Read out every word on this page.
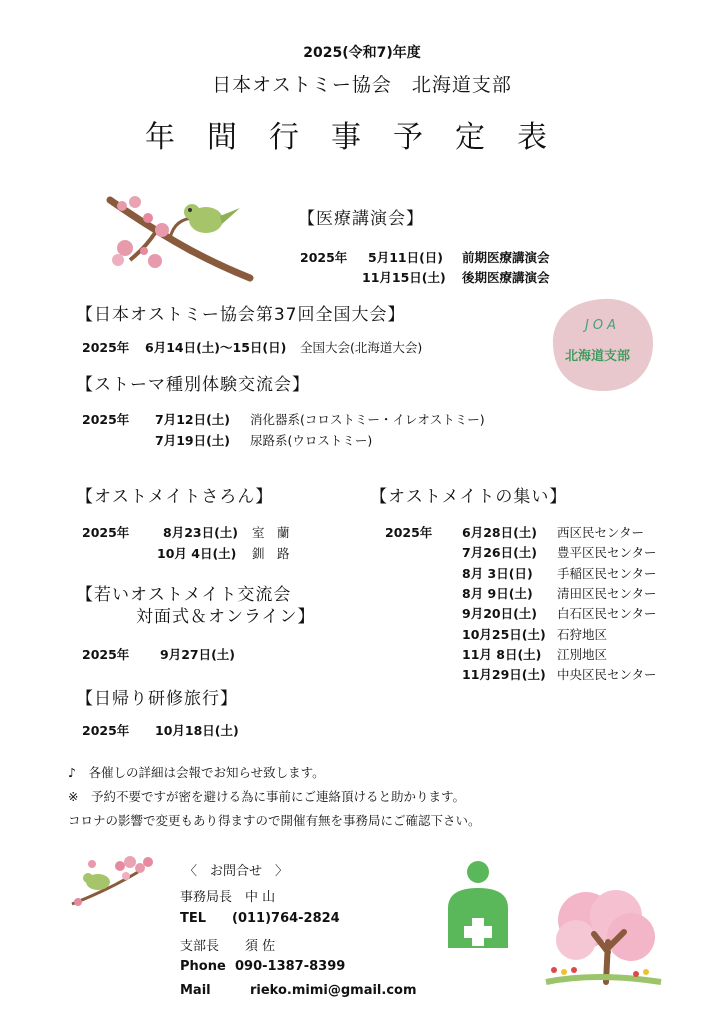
2025(令和7)年度
日本オストミー協会　北海道支部
年間行事予定表
【医療講演会】
2025年 5月11日(日) 前期医療講演会
11月15日(土) 後期医療講演会
JOA
北海道支部
【日本オストミー協会第37回全国大会】
2025年 6月14日(土)〜15日(日) 全国大会(北海道大会)
【ストーマ種別体験交流会】
2025年 7月12日(土) 消化器系(コロストミー・イレオストミー)
7月19日(土) 尿路系(ウロストミー)
【オストメイトさろん】
2025年	8月23日(土) 室　蘭
10月 4日(土) 釧　路
【若いオストメイト交流会
対面式＆オンライン】
2025年 9月27日(土)
【日帰り研修旅行】
2025年 10月18日(土)
【オストメイトの集い】
2025年 6月28日(土) 西区民センター
7月26日(土) 豊平区民センター
8月 3日(日) 手稲区民センター
8月 9日(土) 清田区民センター
9月20日(土) 白石区民センター
10月25日(土) 石狩地区
11月 8日(土) 江別地区
11月29日(土) 中央区民センター
♪　各催しの詳細は会報でお知らせ致します。
※　予約不要ですが密を避ける為に事前にご連絡頂けると助かります。
コロナの影響で変更もあり得ますので開催有無を事務局にご確認下さい。
〈　お問合せ　〉
事務局長　中 山
TEL (011)764-2824
支部長　　須 佐
Phone 090-1387-8399
Mail	rieko.mimi@gmail.com
